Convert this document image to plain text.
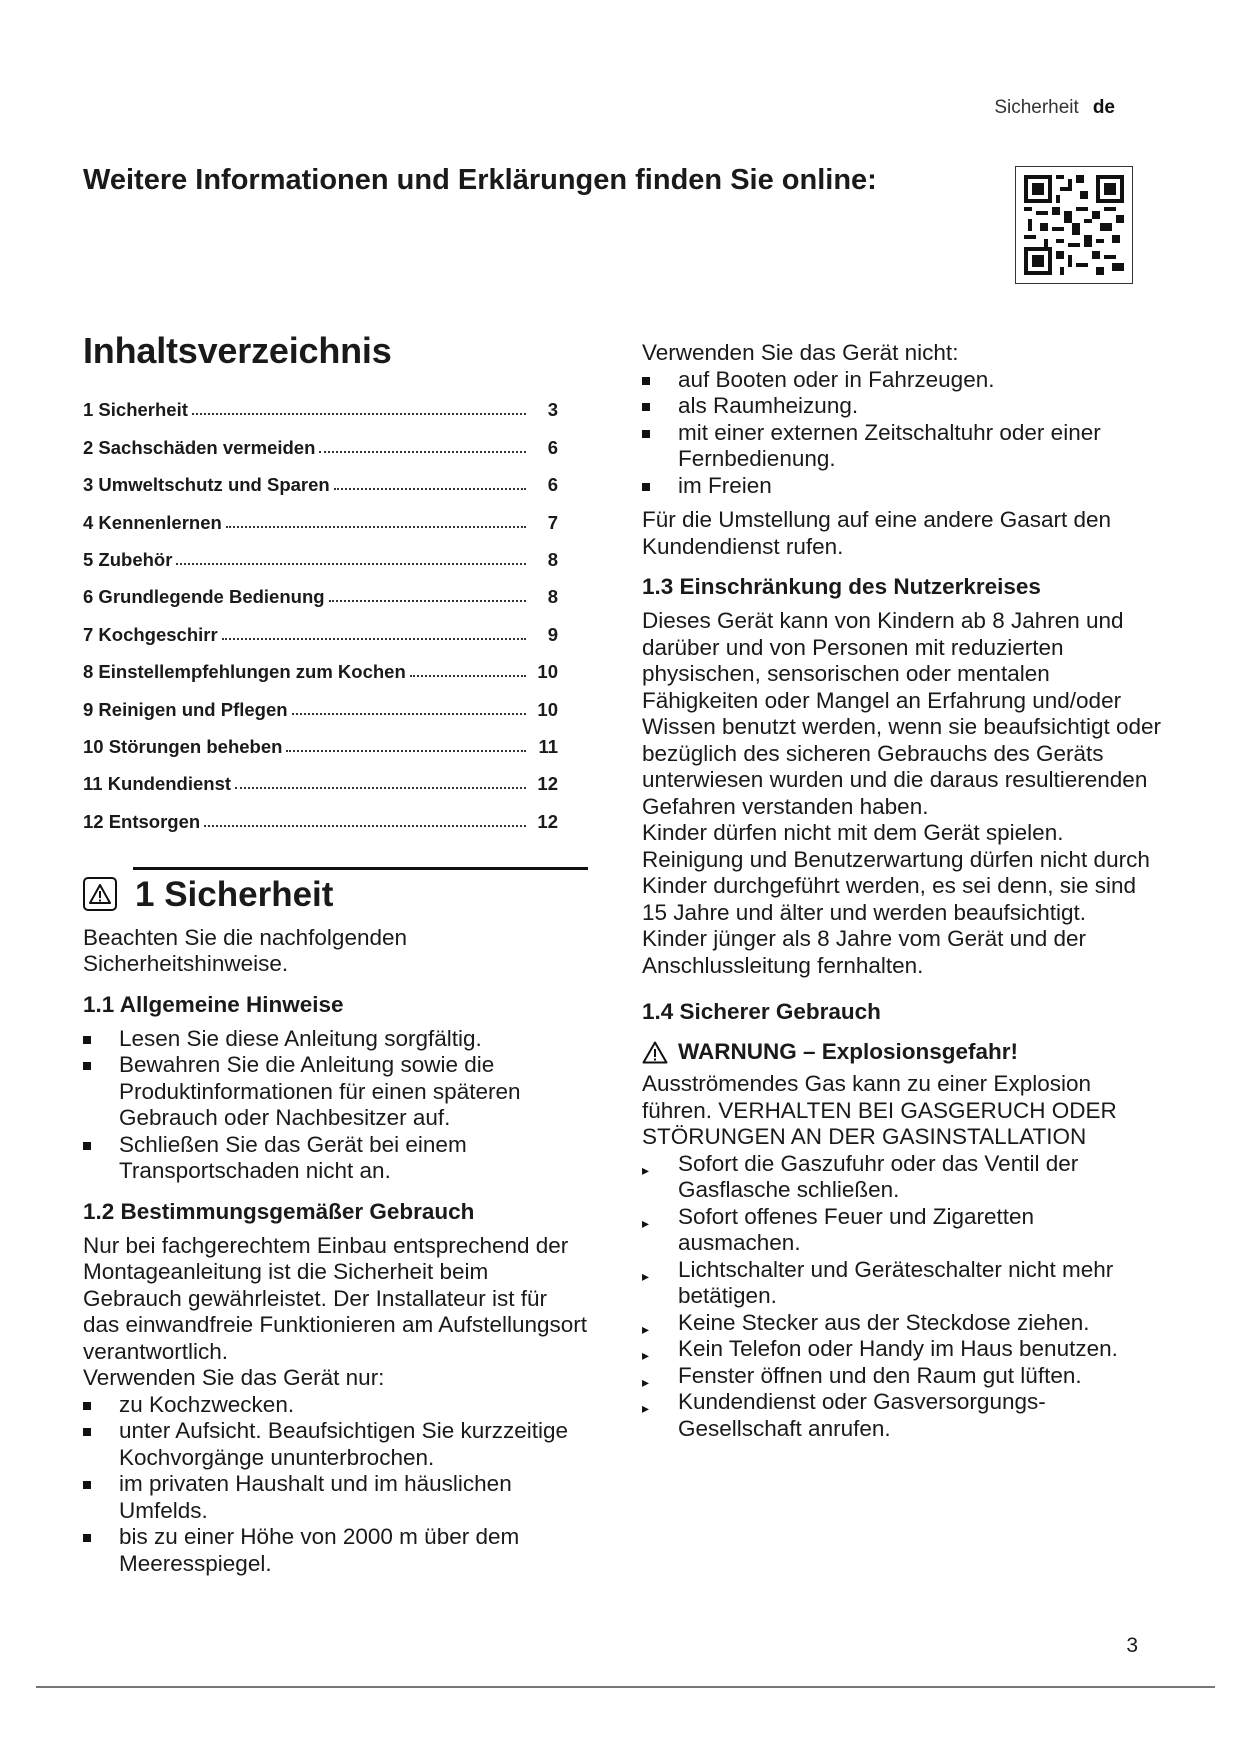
Sicherheit de
Weitere Informationen und Erklärungen finden Sie online:
Inhaltsverzeichnis
1 Sicherheit	3
2 Sachschäden vermeiden	6
3 Umweltschutz und Sparen	6
4 Kennenlernen	7
5 Zubehör	8
6 Grundlegende Bedienung	8
7 Kochgeschirr	9
8 Einstellempfehlungen zum Kochen	10
9 Reinigen und Pflegen	10
10 Störungen beheben	11
11 Kundendienst	12
12 Entsorgen	12
1 Sicherheit

Beachten Sie die nachfolgenden Sicherheitshinweise.

1.1 Allgemeine Hinweise
Lesen Sie diese Anleitung sorgfältig.
Bewahren Sie die Anleitung sowie die Produktinformationen für einen späteren Gebrauch oder Nachbesitzer auf.
Schließen Sie das Gerät bei einem Transportschaden nicht an.
1.2 Bestimmungsgemäßer Gebrauch

Nur bei fachgerechtem Einbau entsprechend der Montageanleitung ist die Sicherheit beim Gebrauch gewährleistet. Der Installateur ist für das einwandfreie Funktionieren am Aufstellungsort verantwortlich.

Verwenden Sie das Gerät nur:

zu Kochzwecken.
unter Aufsicht. Beaufsichtigen Sie kurzzeitige Kochvorgänge ununterbrochen.
im privaten Haushalt und im häuslichen Umfelds.
bis zu einer Höhe von 2000 m über dem Meeresspiegel.

Verwenden Sie das Gerät nicht:

auf Booten oder in Fahrzeugen.
als Raumheizung.
mit einer externen Zeitschaltuhr oder einer Fernbedienung.
im Freien

Für die Umstellung auf eine andere Gasart den Kundendienst rufen.

1.3 Einschränkung des Nutzerkreises

Dieses Gerät kann von Kindern ab 8 Jahren und darüber und von Personen mit reduzierten physischen, sensorischen oder mentalen Fähigkeiten oder Mangel an Erfahrung und/oder Wissen benutzt werden, wenn sie beaufsichtigt oder bezüglich des sicheren Gebrauchs des Geräts unterwiesen wurden und die daraus resultierenden Gefahren verstanden haben.

Kinder dürfen nicht mit dem Gerät spielen.

Reinigung und Benutzerwartung dürfen nicht durch Kinder durchgeführt werden, es sei denn, sie sind 15 Jahre und älter und werden beaufsichtigt.

Kinder jünger als 8 Jahre vom Gerät und der Anschlussleitung fernhalten.

1.4 Sicherer Gebrauch
WARNUNG – Explosionsgefahr!

Ausströmendes Gas kann zu einer Explosion führen. VERHALTEN BEI GASGERUCH ODER STÖRUNGEN AN DER GASINSTALLATION

▸ Sofort die Gaszufuhr oder das Ventil der Gasflasche schließen.
▸ Sofort offenes Feuer und Zigaretten ausmachen.
▸ Lichtschalter und Geräteschalter nicht mehr betätigen.
▸ Keine Stecker aus der Steckdose ziehen.
▸ Kein Telefon oder Handy im Haus benutzen.
▸ Fenster öffnen und den Raum gut lüften.
▸ Kundendienst oder Gasversorgungs-Gesellschaft anrufen.
3
